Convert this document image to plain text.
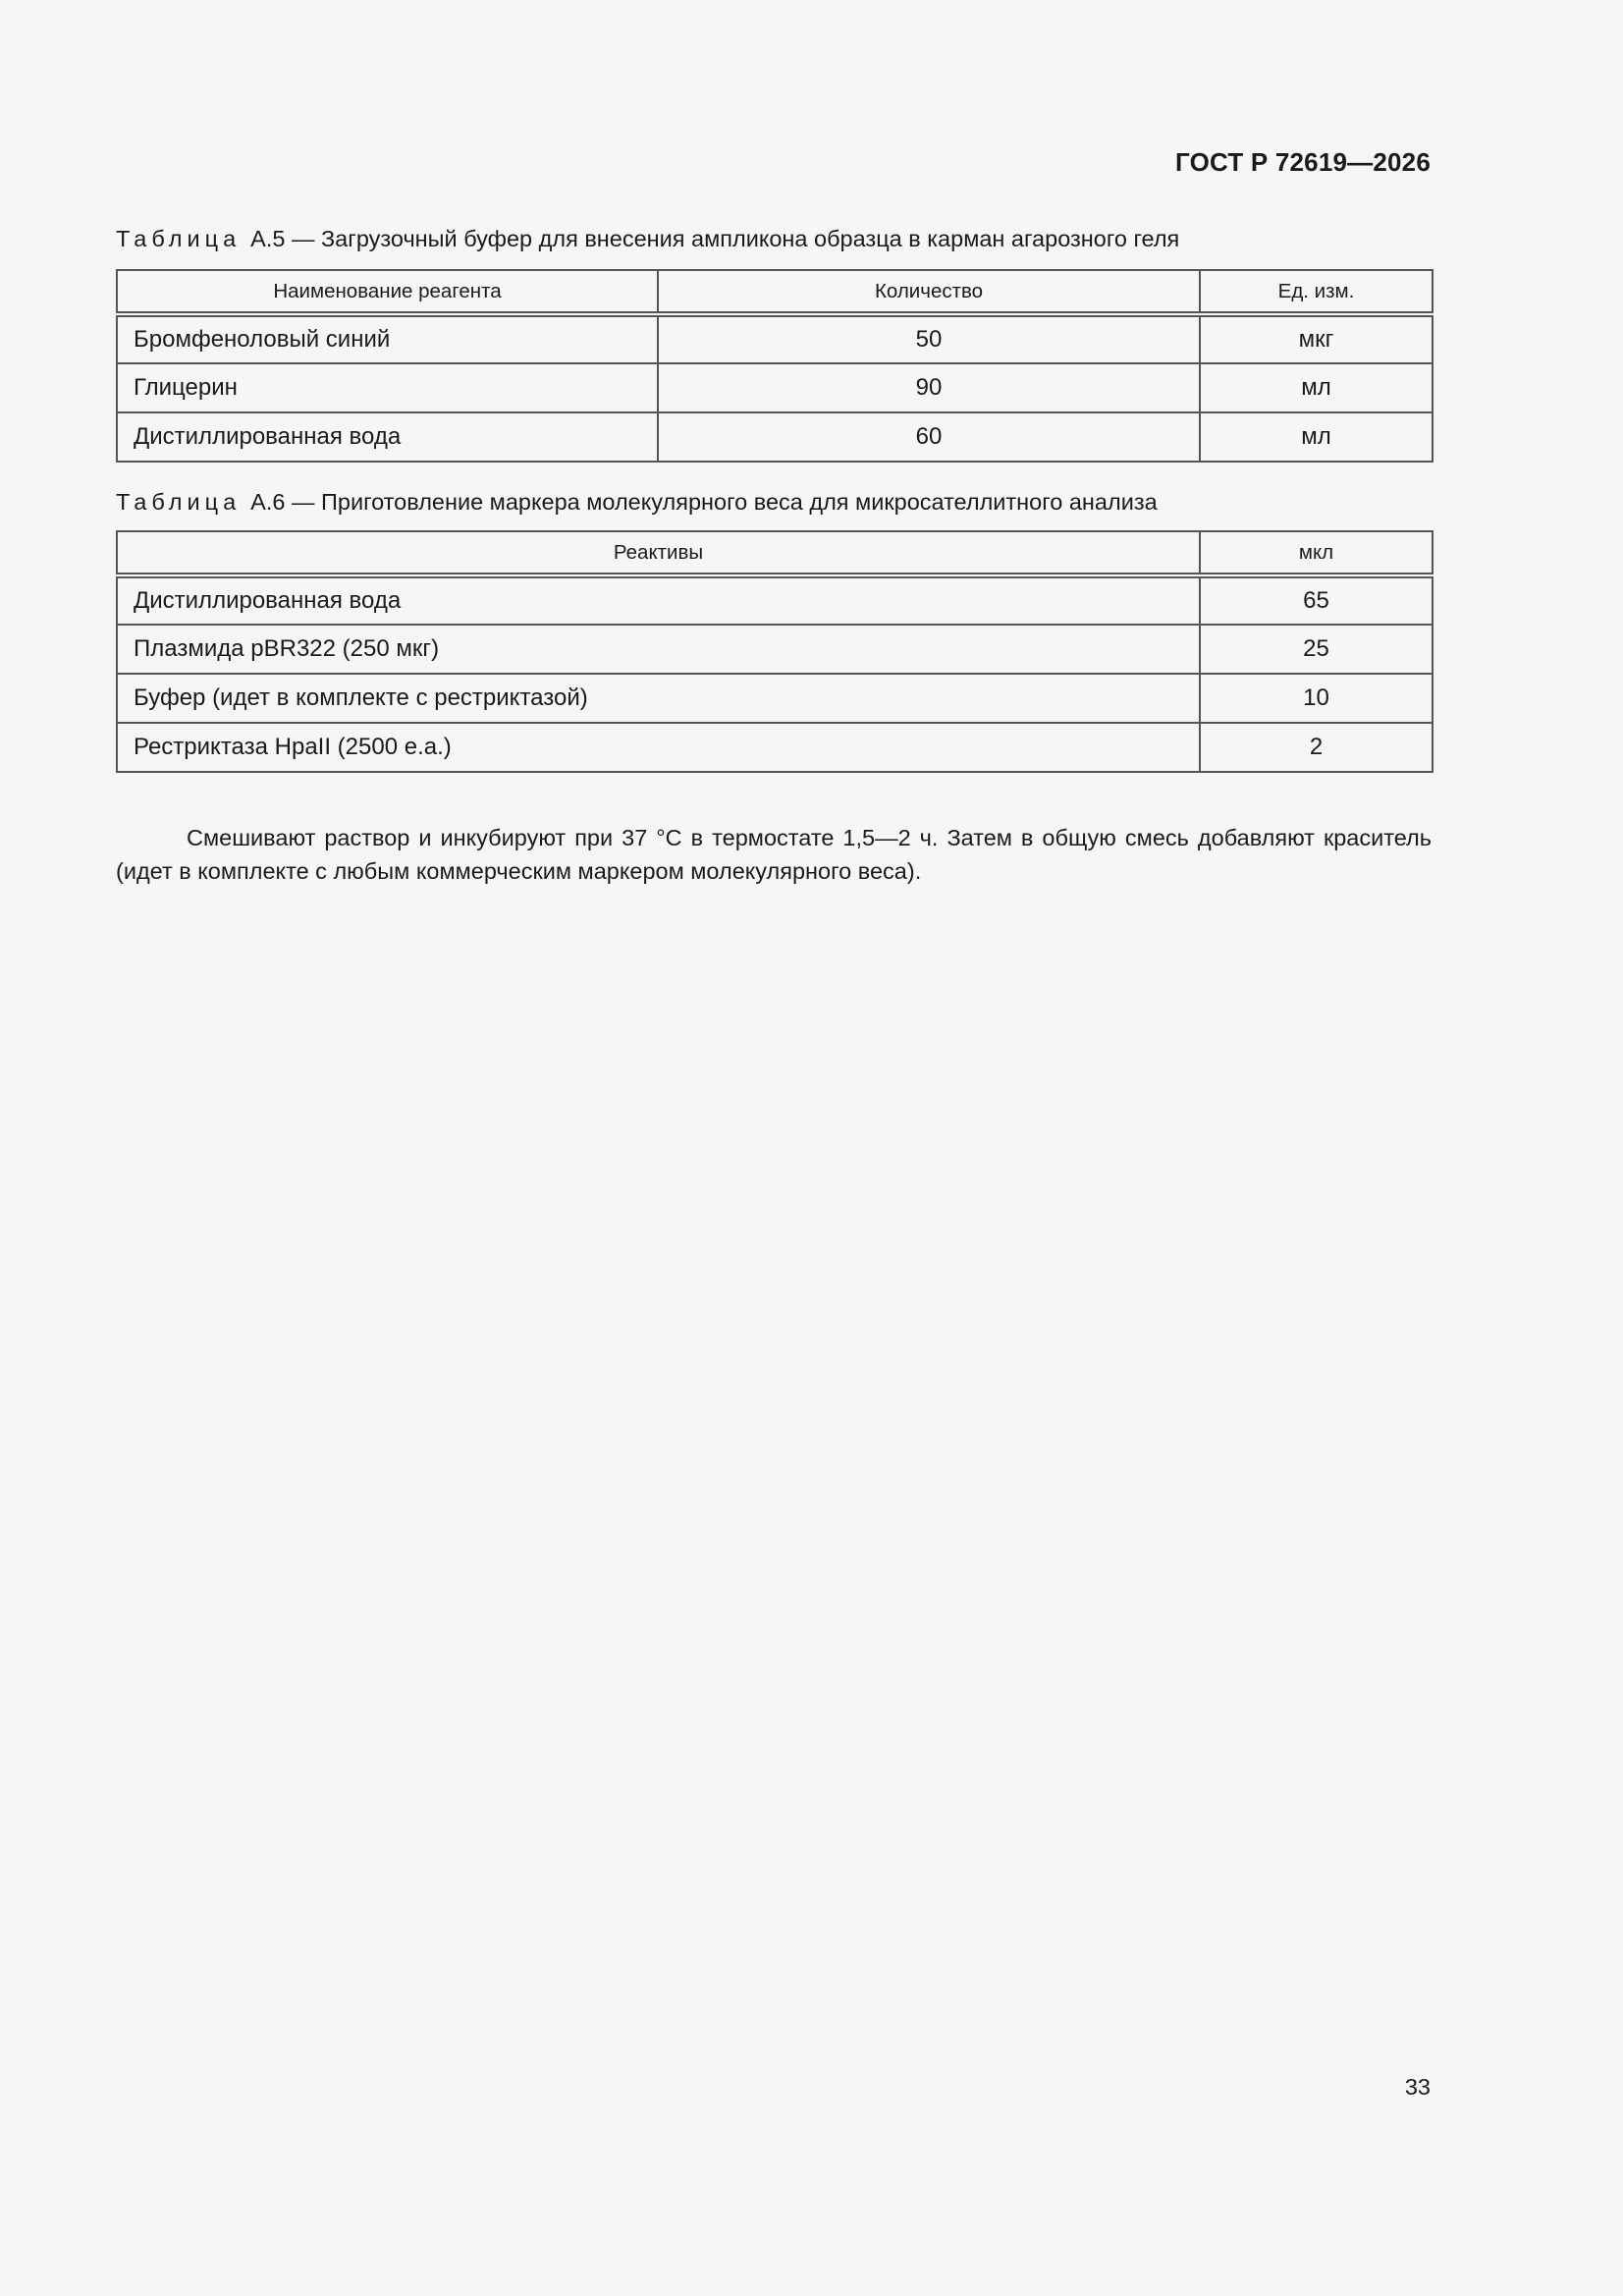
ГОСТ Р 72619—2026
Таблица А.5 — Загрузочный буфер для внесения ампликона образца в карман агарозного геля
Наименование реагента	Количество	Ед. изм.
Бромфеноловый синий	50	мкг
Глицерин	90	мл
Дистиллированная вода	60	мл
Таблица А.6 — Приготовление маркера молекулярного веса для микросателлитного анализа
Реактивы	мкл
Дистиллированная вода	65
Плазмида pBR322 (250 мкг)	25
Буфер (идет в комплекте с рестриктазой)	10
Рестриктаза HpaII (2500 е.а.)	2

Смешивают раствор и инкубируют при 37 °C в термостате 1,5—2 ч. Затем в общую смесь добавляют краситель (идет в комплекте с любым коммерческим маркером молекулярного веса).

33
